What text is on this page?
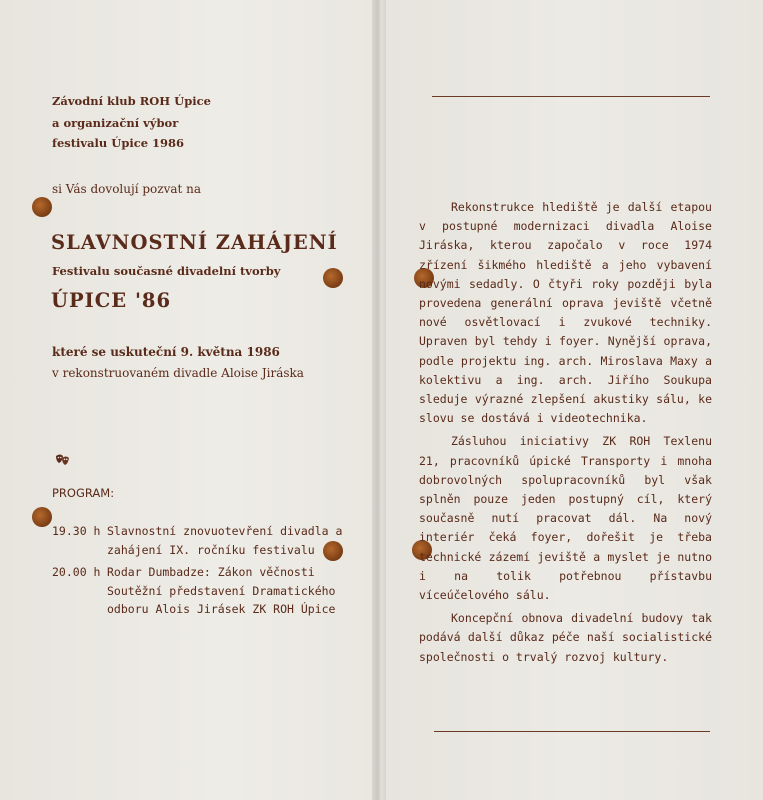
Závodní klub ROH Úpice
a organizační výbor
festivalu Úpice 1986
si Vás dovolují pozvat na
SLAVNOSTNÍ ZAHÁJENÍ
Festivalu současné divadelní tvorby
ÚPICE '86
které se uskuteční 9. května 1986
v rekonstruovaném divadle Aloise Jiráska
PROGRAM:
19.30 h Slavnostní znovuotevření divadla a
zahájení IX. ročníku festivalu
20.00 h Rodar Dumbadze: Zákon věčnosti
Soutěžní představení Dramatického
odboru Alois Jirásek ZK ROH Úpice

Rekonstrukce hlediště je další etapou v postupné modernizaci divadla Aloise Jiráska, kterou započalo v roce 1974 zřízení šikmého hlediště a jeho vybavení novými sedadly. O čtyři roky později byla provedena generální oprava jeviště včetně nové osvětlovací i zvukové techniky. Upraven byl tehdy i foyer. Nynější oprava, podle projektu ing. arch. Miroslava Maxy a kolektivu a ing. arch. Jiřího Soukupa sleduje výrazné zlepšení akustiky sálu, ke slovu se dostává i videotechnika.

Zásluhou iniciativy ZK ROH Texlenu 21, pracovníků úpické Transporty i mnoha dobrovolných spolupracovníků byl však splněn pouze jeden postupný cíl, který současně nutí pracovat dál. Na nový interiér čeká foyer, dořešit je třeba technické zázemí jeviště a myslet je nutno i na tolik potřebnou přístavbu víceúčelového sálu.

Koncepční obnova divadelní budovy tak podává další důkaz péče naší socialistické společnosti o trvalý rozvoj kultury.
